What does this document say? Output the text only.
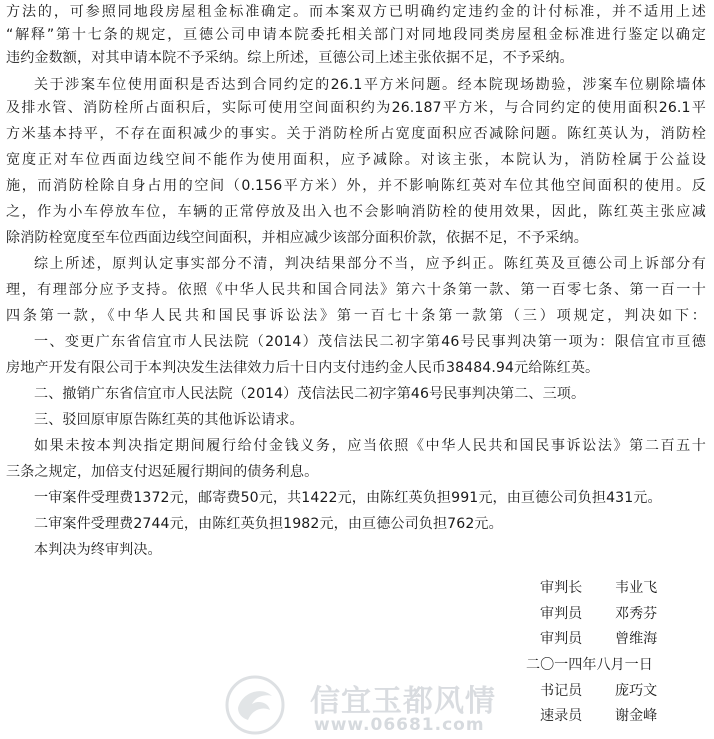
方法的，可参照同地段房屋租金标准确定。而本案双方已明确约定违约金的计付标准，并不适用上述
“解释”第十七条的规定，亘德公司申请本院委托相关部门对同地段同类房屋租金标准进行鉴定以确定
违约金数额，对其申请本院不予采纳。综上所述，亘德公司上述主张依据不足，不予采纳。
关于涉案车位使用面积是否达到合同约定的26.1平方米问题。经本院现场勘验，涉案车位剔除墙体
及排水管、消防栓所占面积后，实际可使用空间面积约为26.187平方米，与合同约定的使用面积26.1平
方米基本持平，不存在面积减少的事实。关于消防栓所占宽度面积应否减除问题。陈红英认为，消防栓
宽度正对车位西面边线空间不能作为使用面积，应予减除。对该主张，本院认为，消防栓属于公益设
施，而消防栓除自身占用的空间（0.156平方米）外，并不影响陈红英对车位其他空间面积的使用。反
之，作为小车停放车位，车辆的正常停放及出入也不会影响消防栓的使用效果，因此，陈红英主张应减
除消防栓宽度至车位西面边线空间面积，并相应减少该部分面积价款，依据不足，不予采纳。
综上所述，原判认定事实部分不清，判决结果部分不当，应予纠正。陈红英及亘德公司上诉部分有
理，有理部分应予支持。依照《中华人民共和国合同法》第六十条第一款、第一百零七条、第一百一十
四条第一款，《中华人民共和国民事诉讼法》第一百七十条第一款第（三）项规定，判决如下：
一、变更广东省信宜市人民法院（2014）茂信法民二初字第46号民事判决第一项为：限信宜市亘德
房地产开发有限公司于本判决发生法律效力后十日内支付违约金人民币38484.94元给陈红英。
二、撤销广东省信宜市人民法院（2014）茂信法民二初字第46号民事判决第二、三项。
三、驳回原审原告陈红英的其他诉讼请求。
如果未按本判决指定期间履行给付金钱义务，应当依照《中华人民共和国民事诉讼法》第二百五十
三条之规定，加倍支付迟延履行期间的债务利息。
一审案件受理费1372元，邮寄费50元，共1422元，由陈红英负担991元，由亘德公司负担431元。
二审案件受理费2744元，由陈红英负担1982元，由亘德公司负担762元。
本判决为终审判决。
审判长 韦业飞
审判员 邓秀芬
审判员 曾维海
二〇一四年八月一日
书记员 庞巧文
速录员 谢金峰
信宜玉都风情
www.06681.com
